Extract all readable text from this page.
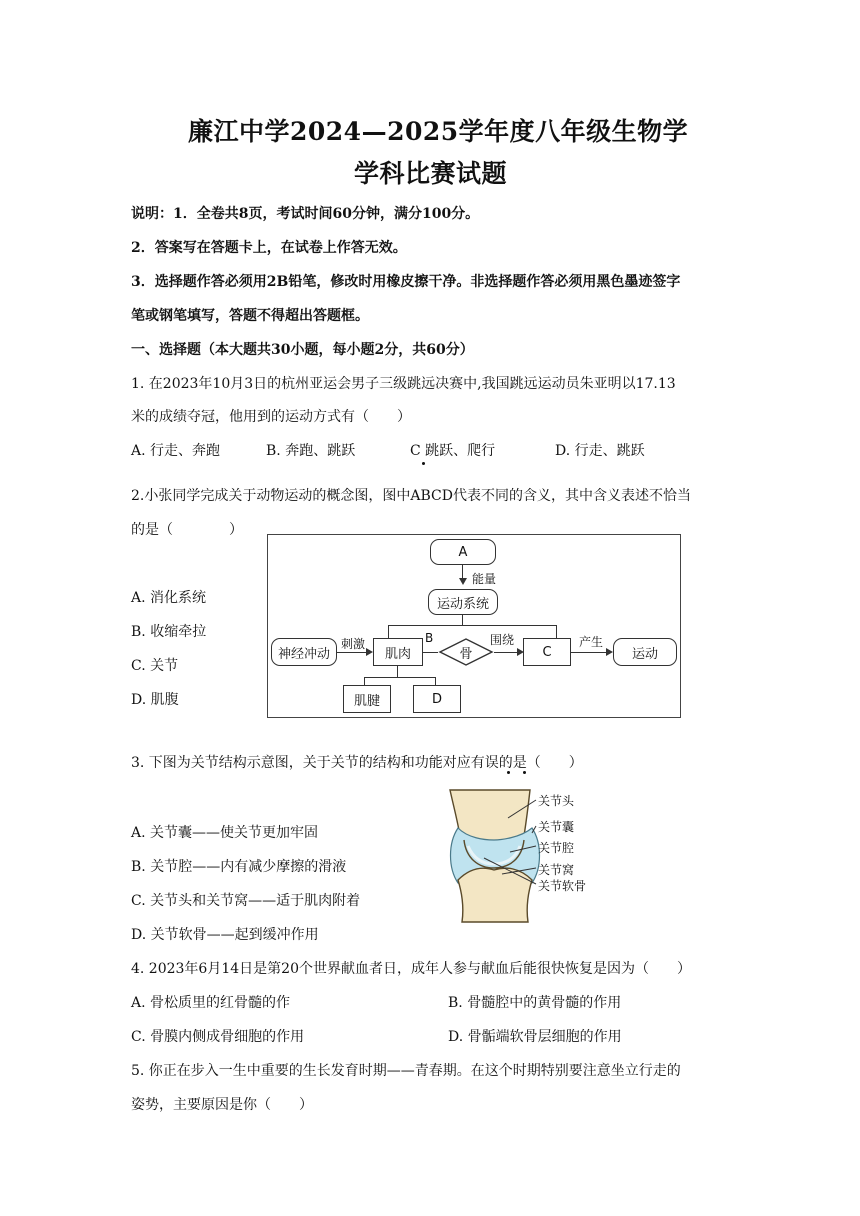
廉江中学2024—2025学年度八年级生物学
学科比赛试题
说明：1．全卷共8页，考试时间60分钟，满分100分。
2．答案写在答题卡上，在试卷上作答无效。
3．选择题作答必须用2B铅笔，修改时用橡皮擦干净。非选择题作答必须用黑色墨迹签字
笔或钢笔填写，答题不得超出答题框。
一、选择题（本大题共30小题，每小题2分，共60分）
1. 在2023年10月3日的杭州亚运会男子三级跳远决赛中,我国跳远运动员朱亚明以17.13
米的成绩夺冠，他用到的运动方式有（　　）
A. 行走、奔跑	B. 奔跑、跳跃	C 跳跃、爬行	D. 行走、跳跃
2.小张同学完成关于动物运动的概念图，图中ABCD代表不同的含义，其中含义表述不恰当
的是（　　　　）
A. 消化系统
B. 收缩牵拉
C. 关节
D. 肌腹
A
能量
运动系统
神经冲动
刺激
肌肉
B
骨
围绕
C
产生
运动
肌腱	D
3. 下图为关节结构示意图，关于关节的结构和功能对应有误的是（　　）
A. 关节囊——使关节更加牢固
B. 关节腔——内有减少摩擦的滑液
C. 关节头和关节窝——适于肌肉附着
D. 关节软骨——起到缓冲作用
关节头
关节囊
关节腔
关节窝
关节软骨
4. 2023年6月14日是第20个世界献血者日，成年人参与献血后能很快恢复是因为（　　）
A. 骨松质里的红骨髓的作	B. 骨髓腔中的黄骨髓的作用
C. 骨膜内侧成骨细胞的作用	D. 骨骺端软骨层细胞的作用
5. 你正在步入一生中重要的生长发育时期——青春期。在这个时期特别要注意坐立行走的
姿势，主要原因是你（　　）
